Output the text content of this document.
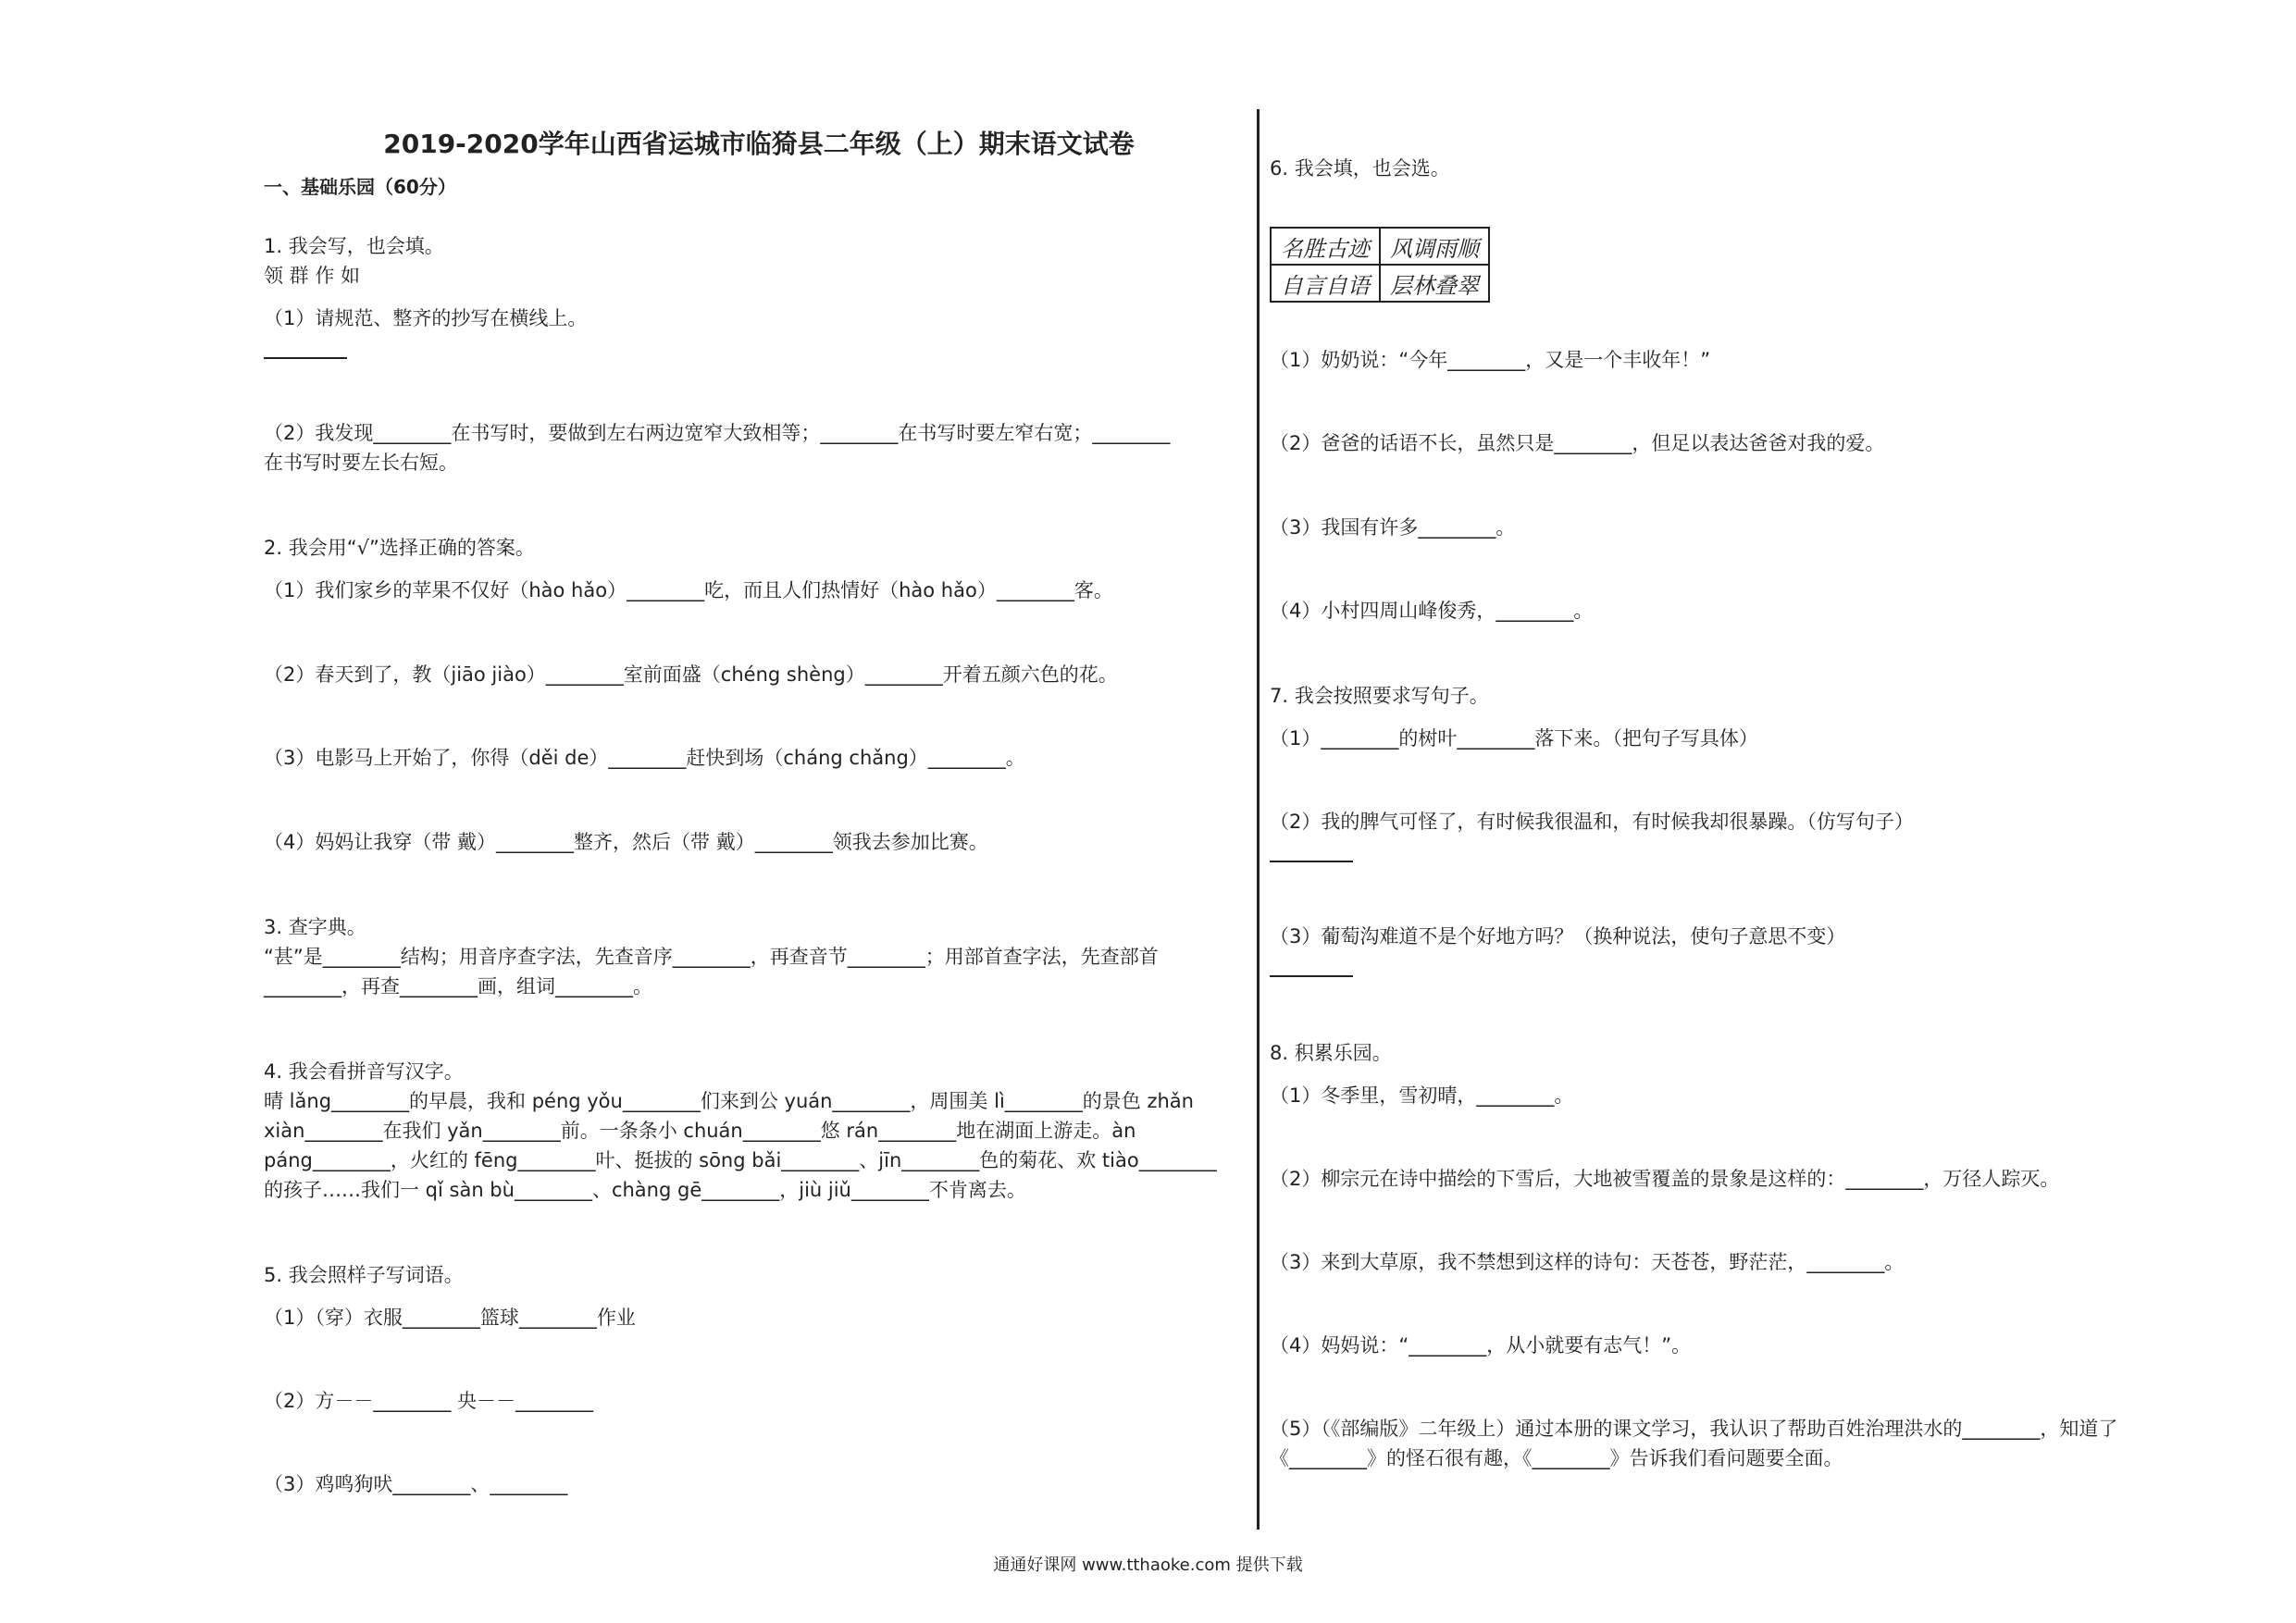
2019-2020学年山西省运城市临猗县二年级（上）期末语文试卷
一、基础乐园（60分）
1. 我会写，也会填。
领 群 作 如
（1）请规范、整齐的抄写在横线上。
（2）我发现________在书写时，要做到左右两边宽窄大致相等；________在书写时要左窄右宽；________
在书写时要左长右短。
2. 我会用“√”选择正确的答案。
（1）我们家乡的苹果不仅好（hào hǎo）________吃，而且人们热情好（hào hǎo）________客。
（2）春天到了，教（jiāo jiào）________室前面盛（chéng shèng）________开着五颜六色的花。
（3）电影马上开始了，你得（děi de）________赶快到场（cháng chǎng）________。
（4）妈妈让我穿（带 戴）________整齐，然后（带 戴）________领我去参加比赛。
3. 查字典。
“甚”是________结构；用音序查字法，先查音序________，再查音节________；用部首查字法，先查部首
________，再查________画，组词________。
4. 我会看拼音写汉字。
晴 lǎng________的早晨，我和 péng yǒu________们来到公 yuán________，周围美 lì________的景色 zhǎn
xiàn________在我们 yǎn________前。一条条小 chuán________悠 rán________地在湖面上游走。àn
páng________，火红的 fēng________叶、挺拔的 sōng bǎi________、jīn________色的菊花、欢 tiào________
的孩子……我们一 qǐ sàn bù________、chàng gē________，jiù jiǔ________不肯离去。
5. 我会照样子写词语。
（1）（穿）衣服________篮球________作业
（2）方－－________ 央－－________
（3）鸡鸣狗吠________、________
6. 我会填，也会选。
名胜古迹	风调雨顺
自言自语	层林叠翠
（1）奶奶说：“今年________，又是一个丰收年！”
（2）爸爸的话语不长，虽然只是________，但足以表达爸爸对我的爱。
（3）我国有许多________。
（4）小村四周山峰俊秀，________。
7. 我会按照要求写句子。
（1）________的树叶________落下来。（把句子写具体）
（2）我的脾气可怪了，有时候我很温和，有时候我却很暴躁。（仿写句子）
（3）葡萄沟难道不是个好地方吗？（换种说法，使句子意思不变）
8. 积累乐园。
（1）冬季里，雪初晴，________。
（2）柳宗元在诗中描绘的下雪后，大地被雪覆盖的景象是这样的：________，万径人踪灭。
（3）来到大草原，我不禁想到这样的诗句：天苍苍，野茫茫，________。
（4）妈妈说：“________，从小就要有志气！”。
（5）（《部编版》二年级上）通过本册的课文学习，我认识了帮助百姓治理洪水的________，知道了
《________》的怪石很有趣，《________》告诉我们看问题要全面。
通通好课网 www.tthaoke.com 提供下载
